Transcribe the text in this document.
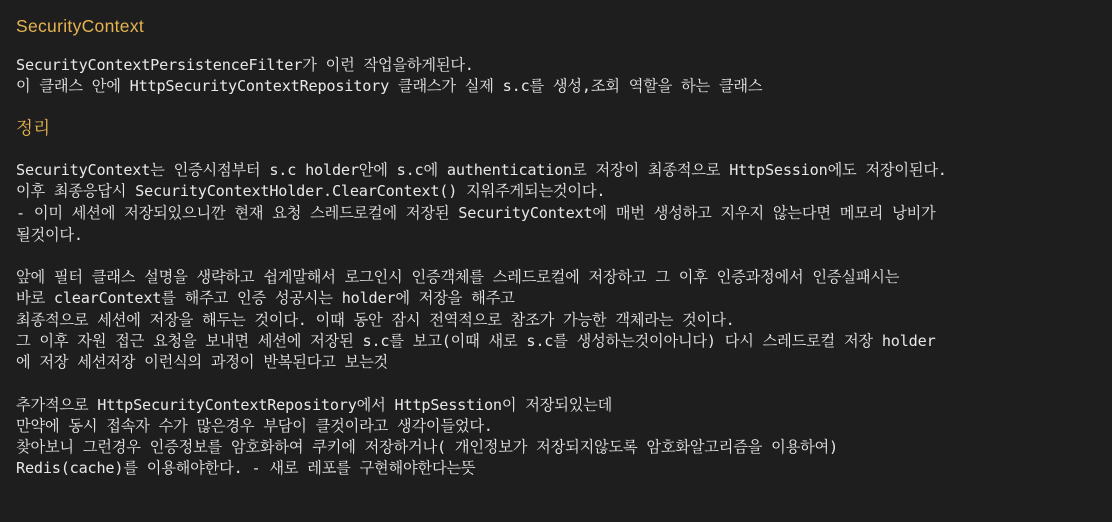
SecurityContext
SecurityContextPersistenceFilter가 이런 작업을하게된다.
이 클래스 안에 HttpSecurityContextRepository 클래스가 실제 s.c를 생성,조회 역할을 하는 클래스
정리
SecurityContext는 인증시점부터 s.c holder안에 s.c에 authentication로 저장이 최종적으로 HttpSession에도 저장이된다.
이후 최종응답시 SecurityContextHolder.ClearContext() 지워주게되는것이다.
- 이미 세션에 저장되있으니깐 현재 요청 스레드로컬에 저장된 SecurityContext에 매번 생성하고 지우지 않는다면 메모리 낭비가
될것이다.
앞에 필터 클래스 설명을 생략하고 쉽게말해서 로그인시 인증객체를 스레드로컬에 저장하고 그 이후 인증과정에서 인증실패시는
바로 clearContext를 해주고 인증 성공시는 holder에 저장을 해주고
최종적으로 세션에 저장을 해두는 것이다. 이때 동안 잠시 전역적으로 참조가 가능한 객체라는 것이다.
그 이후 자원 접근 요청을 보내면 세션에 저장된 s.c를 보고(이때 새로 s.c를 생성하는것이아니다) 다시 스레드로컬 저장 holder
에 저장 세션저장 이런식의 과정이 반복된다고 보는것
추가적으로 HttpSecurityContextRepository에서 HttpSesstion이 저장되있는데
만약에 동시 접속자 수가 많은경우 부담이 클것이라고 생각이들었다.
찾아보니 그런경우 인증정보를 암호화하여 쿠키에 저장하거나( 개인정보가 저장되지않도록 암호화알고리즘을 이용하여)
Redis(cache)를 이용해야한다. - 새로 레포를 구현해야한다는뜻
